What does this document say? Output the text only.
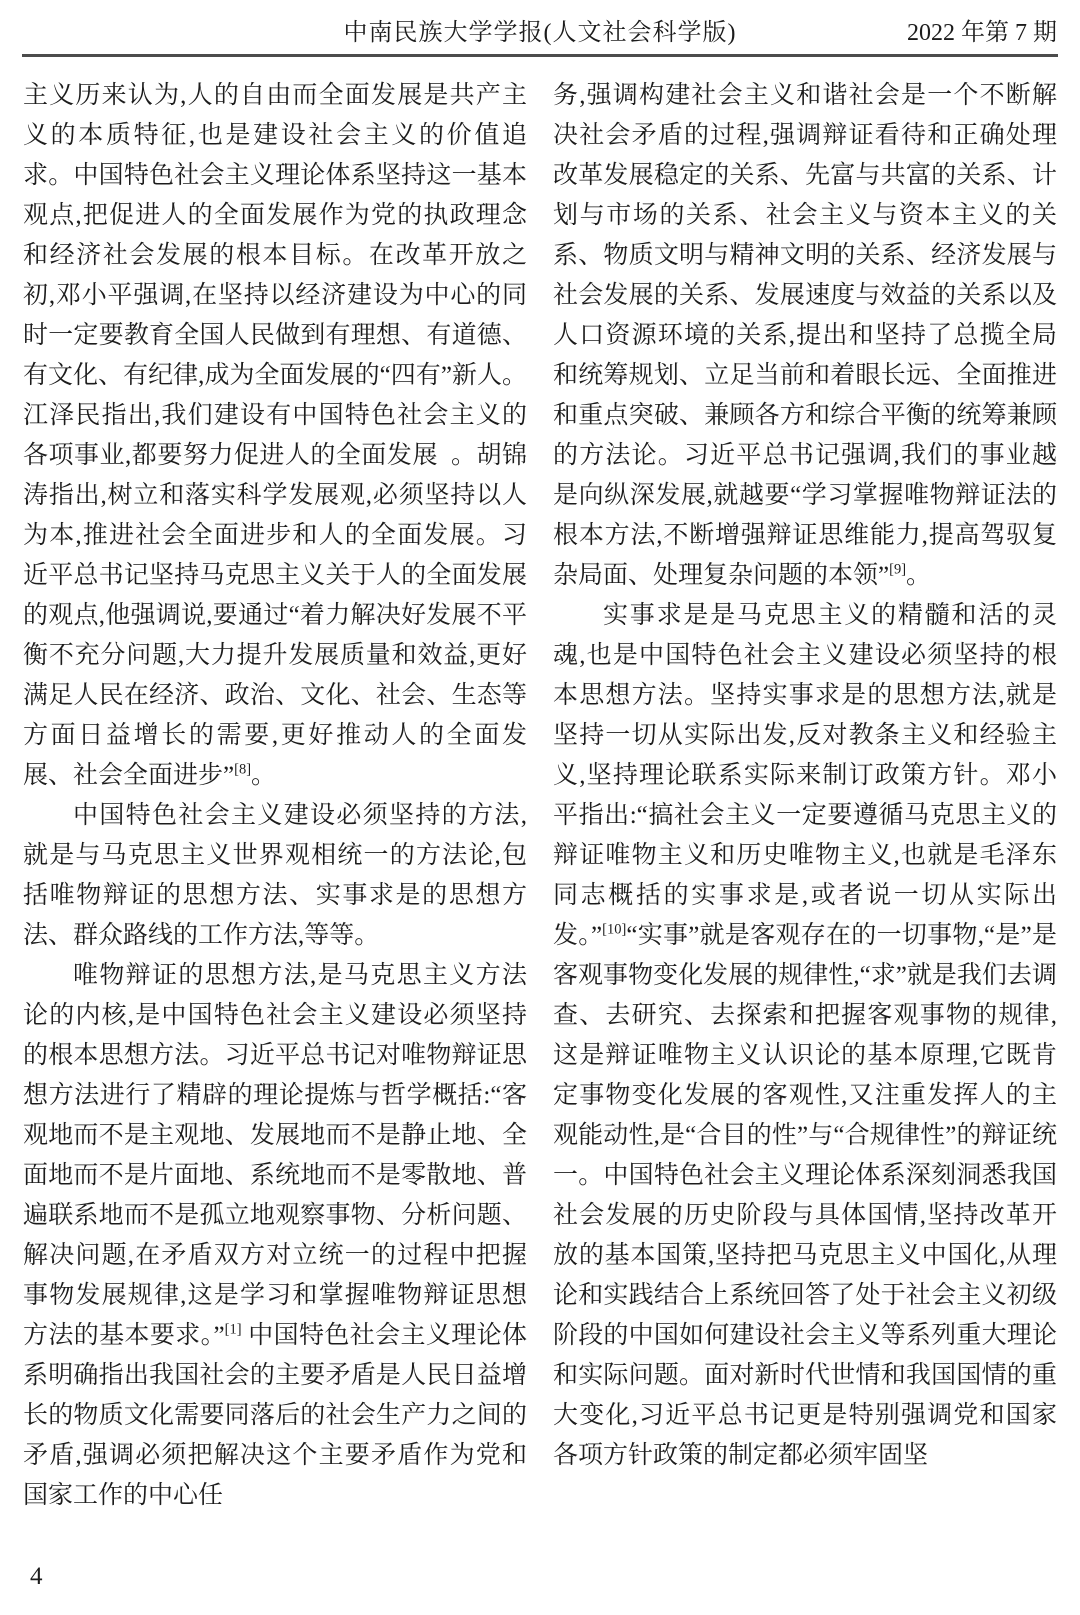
中南民族大学学报(人文社会科学版)	2022 年第 7 期

主义历来认为,人的自由而全面发展是共产主义的本质特征,也是建设社会主义的价值追求。中国特色社会主义理论体系坚持这一基本观点,把促进人的全面发展作为党的执政理念和经济社会发展的根本目标。在改革开放之初,邓小平强调,在坚持以经济建设为中心的同时一定要教育全国人民做到有理想、有道德、有文化、有纪律,成为全面发展的“四有”新人。江泽民指出,我们建设有中国特色社会主义的各项事业,都要努力促进人的全面发展 。胡锦涛指出,树立和落实科学发展观,必须坚持以人为本,推进社会全面进步和人的全面发展。习近平总书记坚持马克思主义关于人的全面发展的观点,他强调说,要通过“着力解决好发展不平衡不充分问题,大力提升发展质量和效益,更好满足人民在经济、政治、文化、社会、生态等方面日益增长的需要,更好推动人的全面发展、社会全面进步”[8]。

中国特色社会主义建设必须坚持的方法,就是与马克思主义世界观相统一的方法论,包括唯物辩证的思想方法、实事求是的思想方法、群众路线的工作方法,等等。

唯物辩证的思想方法,是马克思主义方法论的内核,是中国特色社会主义建设必须坚持的根本思想方法。习近平总书记对唯物辩证思想方法进行了精辟的理论提炼与哲学概括:“客观地而不是主观地、发展地而不是静止地、全面地而不是片面地、系统地而不是零散地、普遍联系地而不是孤立地观察事物、分析问题、解决问题,在矛盾双方对立统一的过程中把握事物发展规律,这是学习和掌握唯物辩证思想方法的基本要求。”[1] 中国特色社会主义理论体系明确指出我国社会的主要矛盾是人民日益增长的物质文化需要同落后的社会生产力之间的矛盾,强调必须把解决这个主要矛盾作为党和国家工作的中心任

务,强调构建社会主义和谐社会是一个不断解决社会矛盾的过程,强调辩证看待和正确处理改革发展稳定的关系、先富与共富的关系、计划与市场的关系、社会主义与资本主义的关系、物质文明与精神文明的关系、经济发展与社会发展的关系、发展速度与效益的关系以及人口资源环境的关系,提出和坚持了总揽全局和统筹规划、立足当前和着眼长远、全面推进和重点突破、兼顾各方和综合平衡的统筹兼顾的方法论。习近平总书记强调,我们的事业越是向纵深发展,就越要“学习掌握唯物辩证法的根本方法,不断增强辩证思维能力,提高驾驭复杂局面、处理复杂问题的本领”[9]。

实事求是是马克思主义的精髓和活的灵魂,也是中国特色社会主义建设必须坚持的根本思想方法。坚持实事求是的思想方法,就是坚持一切从实际出发,反对教条主义和经验主义,坚持理论联系实际来制订政策方针。邓小平指出:“搞社会主义一定要遵循马克思主义的辩证唯物主义和历史唯物主义,也就是毛泽东同志概括的实事求是,或者说一切从实际出发。”[10]“实事”就是客观存在的一切事物,“是”是客观事物变化发展的规律性,“求”就是我们去调查、去研究、去探索和把握客观事物的规律,这是辩证唯物主义认识论的基本原理,它既肯定事物变化发展的客观性,又注重发挥人的主观能动性,是“合目的性”与“合规律性”的辩证统一。中国特色社会主义理论体系深刻洞悉我国社会发展的历史阶段与具体国情,坚持改革开放的基本国策,坚持把马克思主义中国化,从理论和实践结合上系统回答了处于社会主义初级阶段的中国如何建设社会主义等系列重大理论和实际问题。面对新时代世情和我国国情的重大变化,习近平总书记更是特别强调党和国家各项方针政策的制定都必须牢固坚

4
